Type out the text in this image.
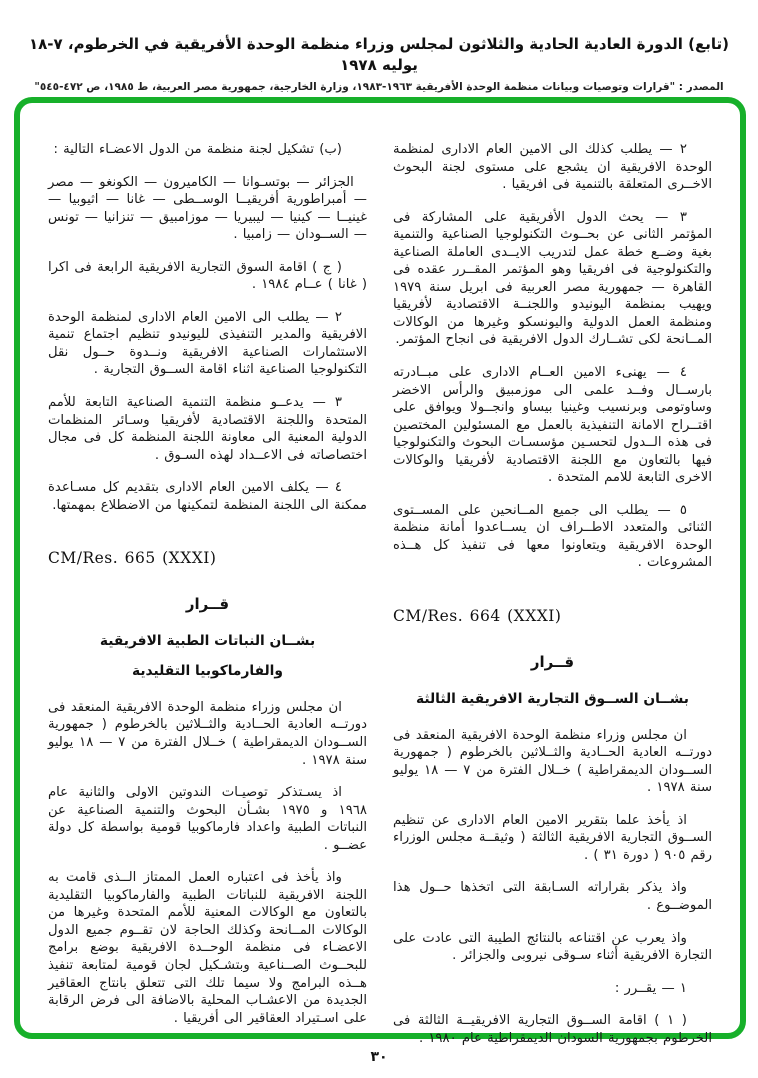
(تابع) الدورة العادية الحادية والثلاثون لمجلس وزراء منظمة الوحدة الأفريقية في الخرطوم، ٧-١٨ يوليه ١٩٧٨
المصدر : "قرارات وتوصيات وبيانات منظمة الوحدة الأفريقية ١٩٦٣-١٩٨٣، وزارة الخارجية، جمهورية مصر العربية، ط ١٩٨٥، ص ٤٧٢-٥٤٥"

٢ — يطلب كذلك الى الامين العام الادارى لمنظمة الوحدة الافريقية ان يشجع على مستوى لجنة البحوث الاخــرى المتعلقة بالتنمية فى افريقيا .

٣ — يحث الدول الأفريقية على المشاركة فى المؤتمر الثانى عن بحــوث التكنولوجيا الصناعية والتنمية بغية وضــع خطة عمل لتدريب الايــدى العاملة الصناعية والتكنولوجية فى افريقيا وهو المؤتمر المقــرر عقده فى القاهرة — جمهورية مصر العربية فى ابريل سنة ١٩٧٩ ويهيب بمنظمة اليونيدو واللجنــة الاقتصادية لأفريقيا ومنظمة العمل الدولية واليونسكو وغيرها من الوكالات المــانحة لكى تشــارك الدول الافريقية فى انجاح المؤتمر.

٤ — يهنىء الامين العــام الادارى على مبــادرته بارســال وفــد علمى الى موزمبيق والرأس الاخضر وساوتومى وبرنسيب وغينيا بيساو وانجــولا ويوافق على اقتــراح الامانة التنفيذية بالعمل مع المسئولين المختصين فى هذه الــدول لتحسـين مؤسسـات البحوث والتكنولوجيا فيها بالتعاون مع اللجنة الاقتصادية لأفريقيا والوكالات الاخرى التابعة للامم المتحدة .

٥ — يطلب الى جميع المــانحين على المســتوى الثنائى والمتعدد الاطــراف ان يســاعدوا أمانة منظمة الوحدة الافريقية ويتعاونوا معها فى تنفيذ كل هــذه المشروعات .

CM/Res. 664 (XXXI)

قــرار
بشــان الســوق التجارية الافريقية الثالثة

ان مجلس وزراء منظمة الوحدة الافريقية المنعقد فى دورتــه العادية الحــادية والثــلاثين بالخرطوم ( جمهورية الســودان الديمقراطية ) خــلال الفترة من ٧ — ١٨ يوليو سنة ١٩٧٨ .

اذ يأخذ علما بتقرير الامين العام الادارى عن تنظيم الســوق التجارية الافريقية الثالثة ( وثيقــة مجلس الوزراء رقم ٩٠٥ ( دورة ٣١ ) .

واذ يذكر بقراراته السـابقة التى اتخذها حــول هذا الموضــوع .

واذ يعرب عن اقتناعه بالنتائج الطيبة التى عادت على التجارة الافريقية أثناء سـوقى نيروبى والجزائر .

١ — يقــرر :

( ١ ) اقامة الســوق التجارية الافريقيــة الثالثة فى الخرطوم بجمهورية السودان الديمقراطية عام ١٩٨٠ .

(ب) تشكيل لجنة منظمة من الدول الاعضـاء التالية :

الجزائر — بوتسـوانا — الكاميرون — الكونغو — مصر — أمبراطورية أفريقيــا الوســطى — غانا — اثيوبيا — غينيــا — كينيا — ليبيريا — موزامبيق — تنزانيا — تونس — الســودان — زامبيا .

( ج ) اقامة السوق التجارية الافريقية الرابعة فى اكرا ( غانا ) عــام ١٩٨٤ .

٢ — يطلب الى الامين العام الادارى لمنظمة الوحدة الافريقية والمدير التنفيذى لليونيدو تنظيم اجتماع تنمية الاستثمارات الصناعية الافريقية ونــدوة حــول نقل التكنولوجيا الصناعية اثناء اقامة الســوق التجارية .

٣ — يدعــو منظمة التنمية الصناعية التابعة للأمم المتحدة واللجنة الاقتصادية لأفريقيا وسـائر المنظمات الدولية المعنية الى معاونة اللجنة المنظمة كل فى مجال اختصاصاته فى الاعــداد لهذه السـوق .

٤ — يكلف الامين العام الادارى بتقديم كل مسـاعدة ممكنة الى اللجنة المنظمة لتمكينها من الاضطلاع بمهمتها.

CM/Res. 665 (XXXI)

قــرار
بشــان النباتات الطبية الافريقية
والفارماكوبيا التقليدية

ان مجلس وزراء منظمة الوحدة الافريقية المنعقد فى دورتــه العادية الحــادية والثــلاثين بالخرطوم ( جمهورية الســودان الديمقراطية ) خــلال الفترة من ٧ — ١٨ يوليو سنة ١٩٧٨ .

اذ يسـتذكر توصيـات الندوتين الاولى والثانية عام ١٩٦٨ و ١٩٧٥ بشـأن البحوث والتنمية الصناعية عن النباتات الطبية واعداد فارماكوبيا قومية بواسطة كل دولة عضــو .

واذ يأخذ فى اعتباره العمل الممتاز الــذى قامت به اللجنة الافريقية للنباتات الطبية والفارماكوبيا التقليدية بالتعاون مع الوكالات المعنية للأمم المتحدة وغيرها من الوكالات المــانحة وكذلك الحاجة لان تقــوم جميع الدول الاعضـاء فى منظمة الوحــدة الافريقية بوضع برامج للبحــوث الصــناعية وبتشـكيل لجان قومية لمتابعة تنفيذ هــذه البرامج ولا سيما تلك التى تتعلق بانتاج العقاقير الجديدة من الاعشـاب المحلية بالاضافة الى فرض الرقابة على اسـتيراد العقاقير الى أفريقيا .

٣٠
